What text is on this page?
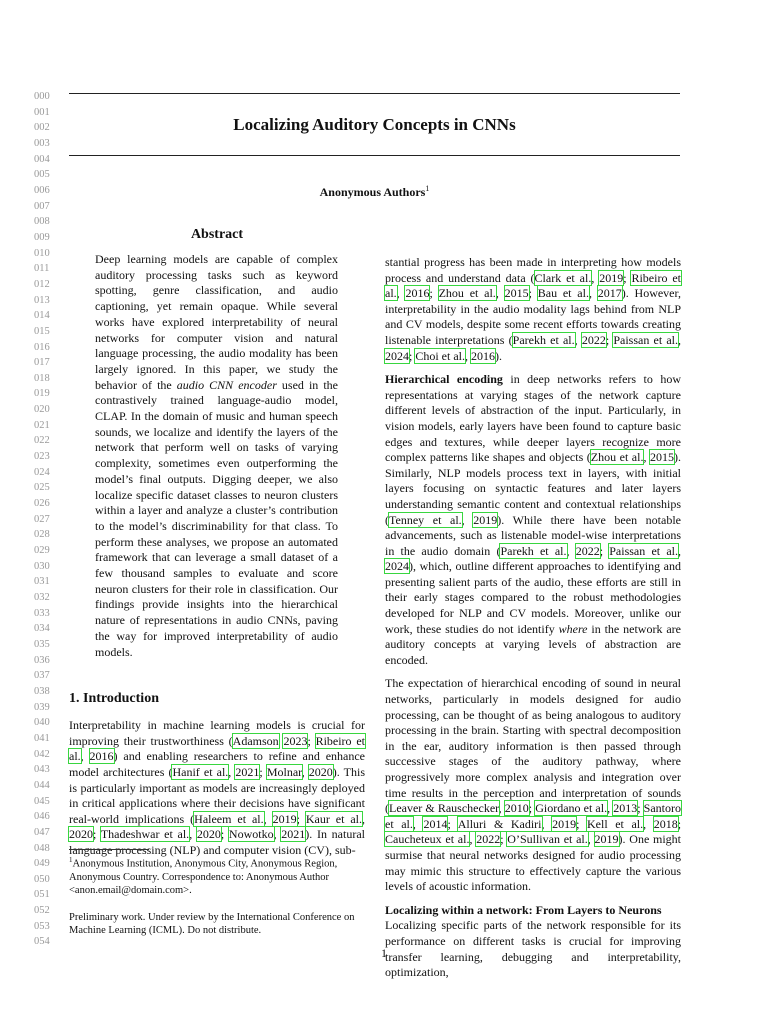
000
001
002
003
004
005
006
007
008
009
010
011
012
013
014
015
016
017
018
019
020
021
022
023
024
025
026
027
028
029
030
031
032
033
034
035
036
037
038
039
040
041
042
043
044
045
046
047
048
049
050
051
052
053
054
Localizing Auditory Concepts in CNNs
Anonymous Authors$^1$
Abstract

Deep learning models are capable of complex auditory processing tasks such as keyword spotting, genre classification, and audio captioning, yet remain opaque. While several works have explored interpretability of neural networks for computer vision and natural language processing, the audio modality has been largely ignored. In this paper, we study the behavior of the audio CNN encoder used in the contrastively trained language-audio model, CLAP. In the domain of music and human speech sounds, we localize and identify the layers of the network that perform well on tasks of varying complexity, sometimes even outperforming the model’s final outputs. Digging deeper, we also localize specific dataset classes to neuron clusters within a layer and analyze a cluster’s contribution to the model’s discriminability for that class. To perform these analyses, we propose an automated framework that can leverage a small dataset of a few thousand samples to evaluate and score neuron clusters for their role in classification. Our findings provide insights into the hierarchical nature of representations in audio CNNs, paving the way for improved interpretability of audio models.

1. Introduction

Interpretability in machine learning models is crucial for improving their trustworthiness (Adamson 2023; Ribeiro et al., 2016) and enabling researchers to refine and enhance model architectures (Hanif et al., 2021; Molnar, 2020). This is particularly important as models are increasingly deployed in critical applications where their decisions have significant real-world implications (Haleem et al., 2019; Kaur et al., 2020; Thadeshwar et al., 2020; Nowotko, 2021). In natural language processing (NLP) and computer vision (CV), sub-

$^1$Anonymous Institution, Anonymous City, Anonymous Region, Anonymous Country. Correspondence to: Anonymous Author <anon.email@domain.com>.
Preliminary work. Under review by the International Conference on Machine Learning (ICML). Do not distribute.

stantial progress has been made in interpreting how models process and understand data (Clark et al., 2019; Ribeiro et al., 2016; Zhou et al., 2015; Bau et al., 2017). However, interpretability in the audio modality lags behind from NLP and CV models, despite some recent efforts towards creating listenable interpretations (Parekh et al., 2022; Paissan et al., 2024; Choi et al., 2016).

Hierarchical encoding in deep networks refers to how representations at varying stages of the network capture different levels of abstraction of the input. Particularly, in vision models, early layers have been found to capture basic edges and textures, while deeper layers recognize more complex patterns like shapes and objects (Zhou et al., 2015). Similarly, NLP models process text in layers, with initial layers focusing on syntactic features and later layers understanding semantic content and contextual relationships (Tenney et al., 2019). While there have been notable advancements, such as listenable model-wise interpretations in the audio domain (Parekh et al., 2022; Paissan et al., 2024), which, outline different approaches to identifying and presenting salient parts of the audio, these efforts are still in their early stages compared to the robust methodologies developed for NLP and CV models. Moreover, unlike our work, these studies do not identify where in the network are auditory concepts at varying levels of abstraction are encoded.

The expectation of hierarchical encoding of sound in neural networks, particularly in models designed for audio processing, can be thought of as being analogous to auditory processing in the brain. Starting with spectral decomposition in the ear, auditory information is then passed through successive stages of the auditory pathway, where progressively more complex analysis and integration over time results in the perception and interpretation of sounds (Leaver & Rauschecker, 2010; Giordano et al., 2013; Santoro et al., 2014; Alluri & Kadiri, 2019; Kell et al., 2018; Caucheteux et al., 2022; O’Sullivan et al., 2019). One might surmise that neural networks designed for audio processing may mimic this structure to effectively capture the various levels of acoustic information.

Localizing within a network: From Layers to Neurons
Localizing specific parts of the network responsible for its performance on different tasks is crucial for improving transfer learning, debugging and interpretability, optimization,

1
